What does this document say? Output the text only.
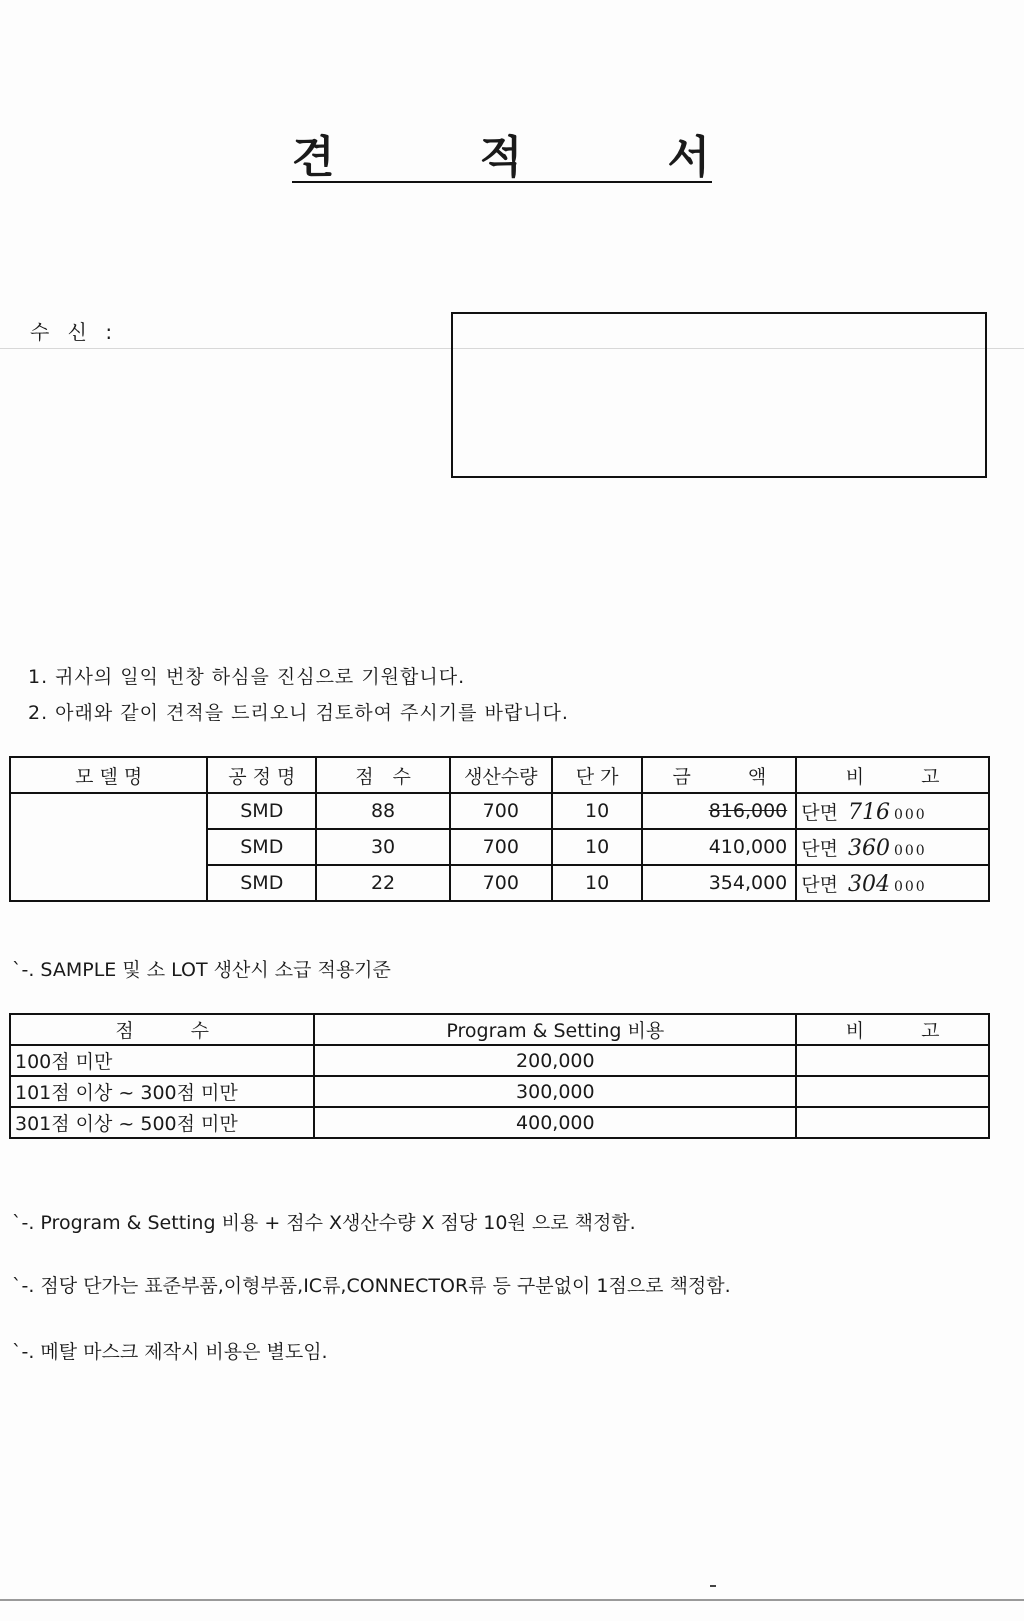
견	적	서
수 신 :
1. 귀사의 일익 번창 하심을 진심으로 기원합니다.
2. 아래와 같이 견적을 드리오니 검토하여 주시기를 바랍니다.
모 델 명	공 정 명	점　수	생산수량	단 가	금　　　액	비　　　고
	SMD	88	700	10	816,000	단면 716 000
	SMD	30	700	10	410,000	단면 360 000
	SMD	22	700	10	354,000	단면 304 000
`-. SAMPLE 및 소 LOT 생산시 소급 적용기준
점　　　수	Program & Setting 비용	비　　　고
100점 미만	200,000	
101점 이상 ~ 300점 미만	300,000	
301점 이상 ~ 500점 미만	400,000	
`-. Program & Setting 비용 + 점수 X생산수량 X 점당 10원 으로 책정함.
`-. 점당 단가는 표준부품,이형부품,IC류,CONNECTOR류 등 구분없이 1점으로 책정함.
`-. 메탈 마스크 제작시 비용은 별도임.
